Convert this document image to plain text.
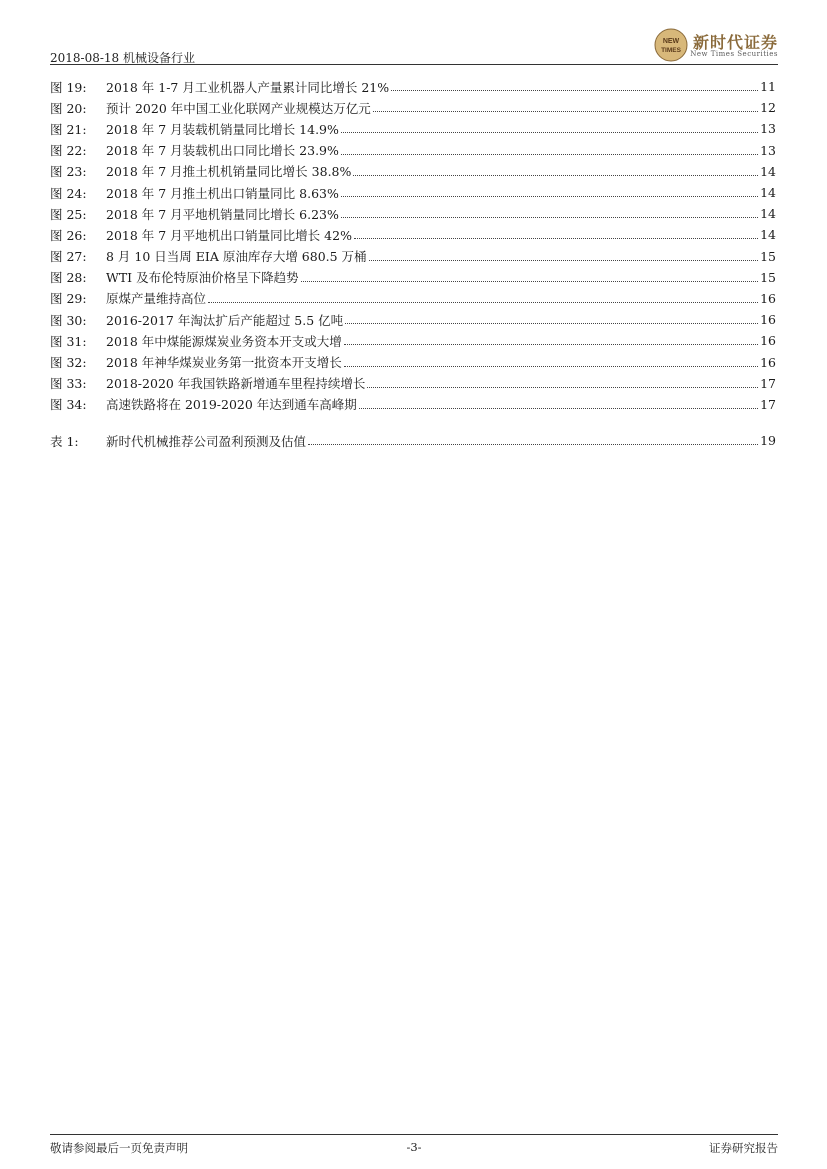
2018-08-18 机械设备行业
NEW
TIMES 新时代证券
New Times Securities
图 19:	2018 年 1-7 月工业机器人产量累计同比增长 21%	11
图 20:	预计 2020 年中国工业化联网产业规模达万亿元	12
图 21:	2018 年 7 月装载机销量同比增长 14.9%	13
图 22:	2018 年 7 月装载机出口同比增长 23.9%	13
图 23:	2018 年 7 月推土机机销量同比增长 38.8%	14
图 24:	2018 年 7 月推土机出口销量同比 8.63%	14
图 25:	2018 年 7 月平地机销量同比增长 6.23%	14
图 26:	2018 年 7 月平地机出口销量同比增长 42%	14
图 27:	8 月 10 日当周 EIA 原油库存大增 680.5 万桶	15
图 28:	WTI 及布伦特原油价格呈下降趋势	15
图 29:	原煤产量维持高位	16
图 30:	2016-2017 年淘汰扩后产能超过 5.5 亿吨	16
图 31:	2018 年中煤能源煤炭业务资本开支或大增	16
图 32:	2018 年神华煤炭业务第一批资本开支增长	16
图 33:	2018-2020 年我国铁路新增通车里程持续增长	17
图 34:	高速铁路将在 2019-2020 年达到通车高峰期	17
表 1:	新时代机械推荐公司盈利预测及估值	19
敬请参阅最后一页免责声明	-3-	证券研究报告
